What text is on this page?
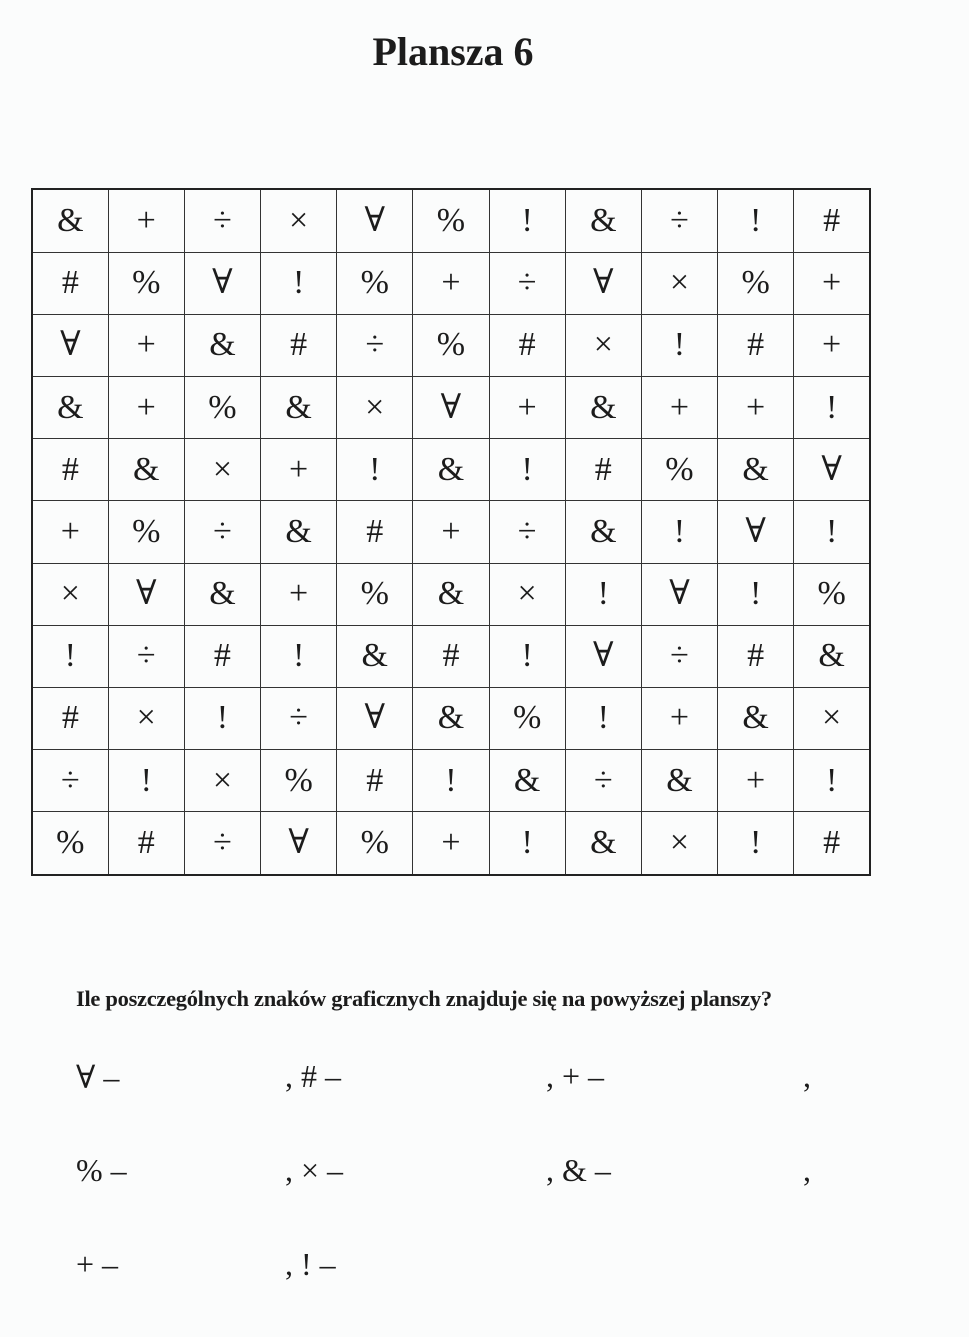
Plansza 6
&	+	÷	×	∀	%	!	&	÷	!	#
#	%	∀	!	%	+	÷	∀	×	%	+
∀	+	&	#	÷	%	#	×	!	#	+
&	+	%	&	×	∀	+	&	+	+	!
#	&	×	+	!	&	!	#	%	&	∀
+	%	÷	&	#	+	÷	&	!	∀	!
×	∀	&	+	%	&	×	!	∀	!	%
!	÷	#	!	&	#	!	∀	÷	#	&
#	×	!	÷	∀	&	%	!	+	&	×
÷	!	×	%	#	!	&	÷	&	+	!
%	#	÷	∀	%	+	!	&	×	!	#
Ile poszczególnych znaków graficznych znajduje się na powyższej planszy?
∀ –	, # –	, + –	,
% –	, × –	, & –	,
+ –	, ! –
